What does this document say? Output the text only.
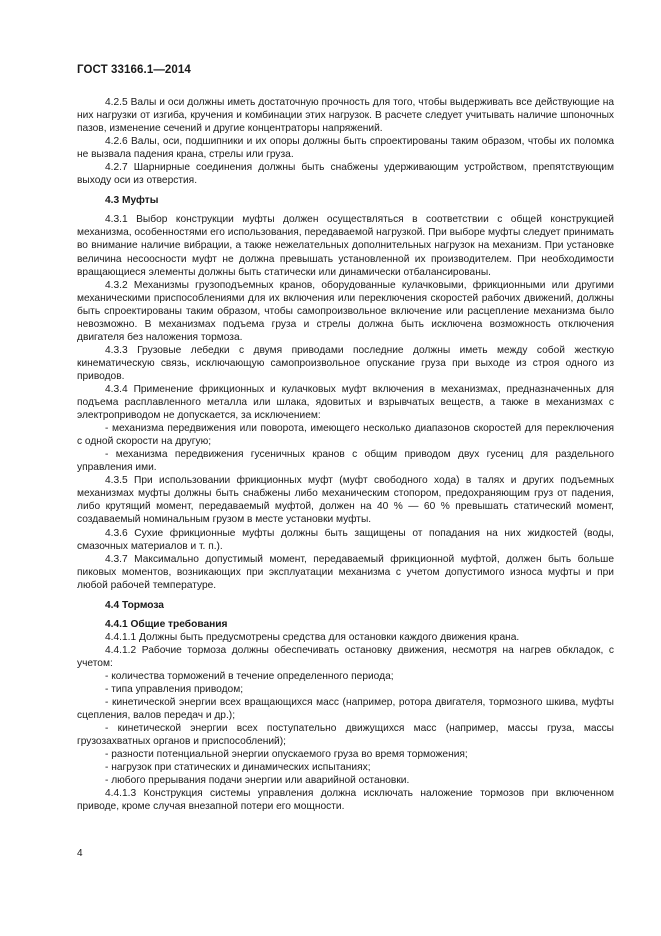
ГОСТ 33166.1—2014

4.2.5 Валы и оси должны иметь достаточную прочность для того, чтобы выдерживать все действующие на них нагрузки от изгиба, кручения и комбинации этих нагрузок. В расчете следует учитывать наличие шпоночных пазов, изменение сечений и другие концентраторы напряжений.

4.2.6 Валы, оси, подшипники и их опоры должны быть спроектированы таким образом, чтобы их поломка не вызвала падения крана, стрелы или груза.

4.2.7 Шарнирные соединения должны быть снабжены удерживающим устройством, препятствующим выходу оси из отверстия.

4.3 Муфты

4.3.1 Выбор конструкции муфты должен осуществляться в соответствии с общей конструкцией механизма, особенностями его использования, передаваемой нагрузкой. При выборе муфты следует принимать во внимание наличие вибрации, а также нежелательных дополнительных нагрузок на механизм. При установке величина несоосности муфт не должна превышать установленной их производителем. При необходимости вращающиеся элементы должны быть статически или динамически отбалансированы.

4.3.2 Механизмы грузоподъемных кранов, оборудованные кулачковыми, фрикционными или другими механическими приспособлениями для их включения или переключения скоростей рабочих движений, должны быть спроектированы таким образом, чтобы самопроизвольное включение или расцепление механизма было невозможно. В механизмах подъема груза и стрелы должна быть исключена возможность отключения двигателя без наложения тормоза.

4.3.3 Грузовые лебедки с двумя приводами последние должны иметь между собой жесткую кинематическую связь, исключающую самопроизвольное опускание груза при выходе из строя одного из приводов.

4.3.4 Применение фрикционных и кулачковых муфт включения в механизмах, предназначенных для подъема расплавленного металла или шлака, ядовитых и взрывчатых веществ, а также в механизмах с электроприводом не допускается, за исключением:

- механизма передвижения или поворота, имеющего несколько диапазонов скоростей для переключения с одной скорости на другую;

- механизма передвижения гусеничных кранов с общим приводом двух гусениц для раздельного управления ими.

4.3.5 При использовании фрикционных муфт (муфт свободного хода) в талях и других подъемных механизмах муфты должны быть снабжены либо механическим стопором, предохраняющим груз от падения, либо крутящий момент, передаваемый муфтой, должен на 40 % — 60 % превышать статический момент, создаваемый номинальным грузом в месте установки муфты.

4.3.6 Сухие фрикционные муфты должны быть защищены от попадания на них жидкостей (воды, смазочных материалов и т. п.).

4.3.7 Максимально допустимый момент, передаваемый фрикционной муфтой, должен быть больше пиковых моментов, возникающих при эксплуатации механизма с учетом допустимого износа муфты и при любой рабочей температуре.

4.4 Тормоза
4.4.1 Общие требования

4.4.1.1 Должны быть предусмотрены средства для остановки каждого движения крана.

4.4.1.2 Рабочие тормоза должны обеспечивать остановку движения, несмотря на нагрев обкладок, с учетом:

- количества торможений в течение определенного периода;

- типа управления приводом;

- кинетической энергии всех вращающихся масс (например, ротора двигателя, тормозного шкива, муфты сцепления, валов передач и др.);

- кинетической энергии всех поступательно движущихся масс (например, массы груза, массы грузозахватных органов и приспособлений);

- разности потенциальной энергии опускаемого груза во время торможения;

- нагрузок при статических и динамических испытаниях;

- любого прерывания подачи энергии или аварийной остановки.

4.4.1.3 Конструкция системы управления должна исключать наложение тормозов при включенном приводе, кроме случая внезапной потери его мощности.

4
